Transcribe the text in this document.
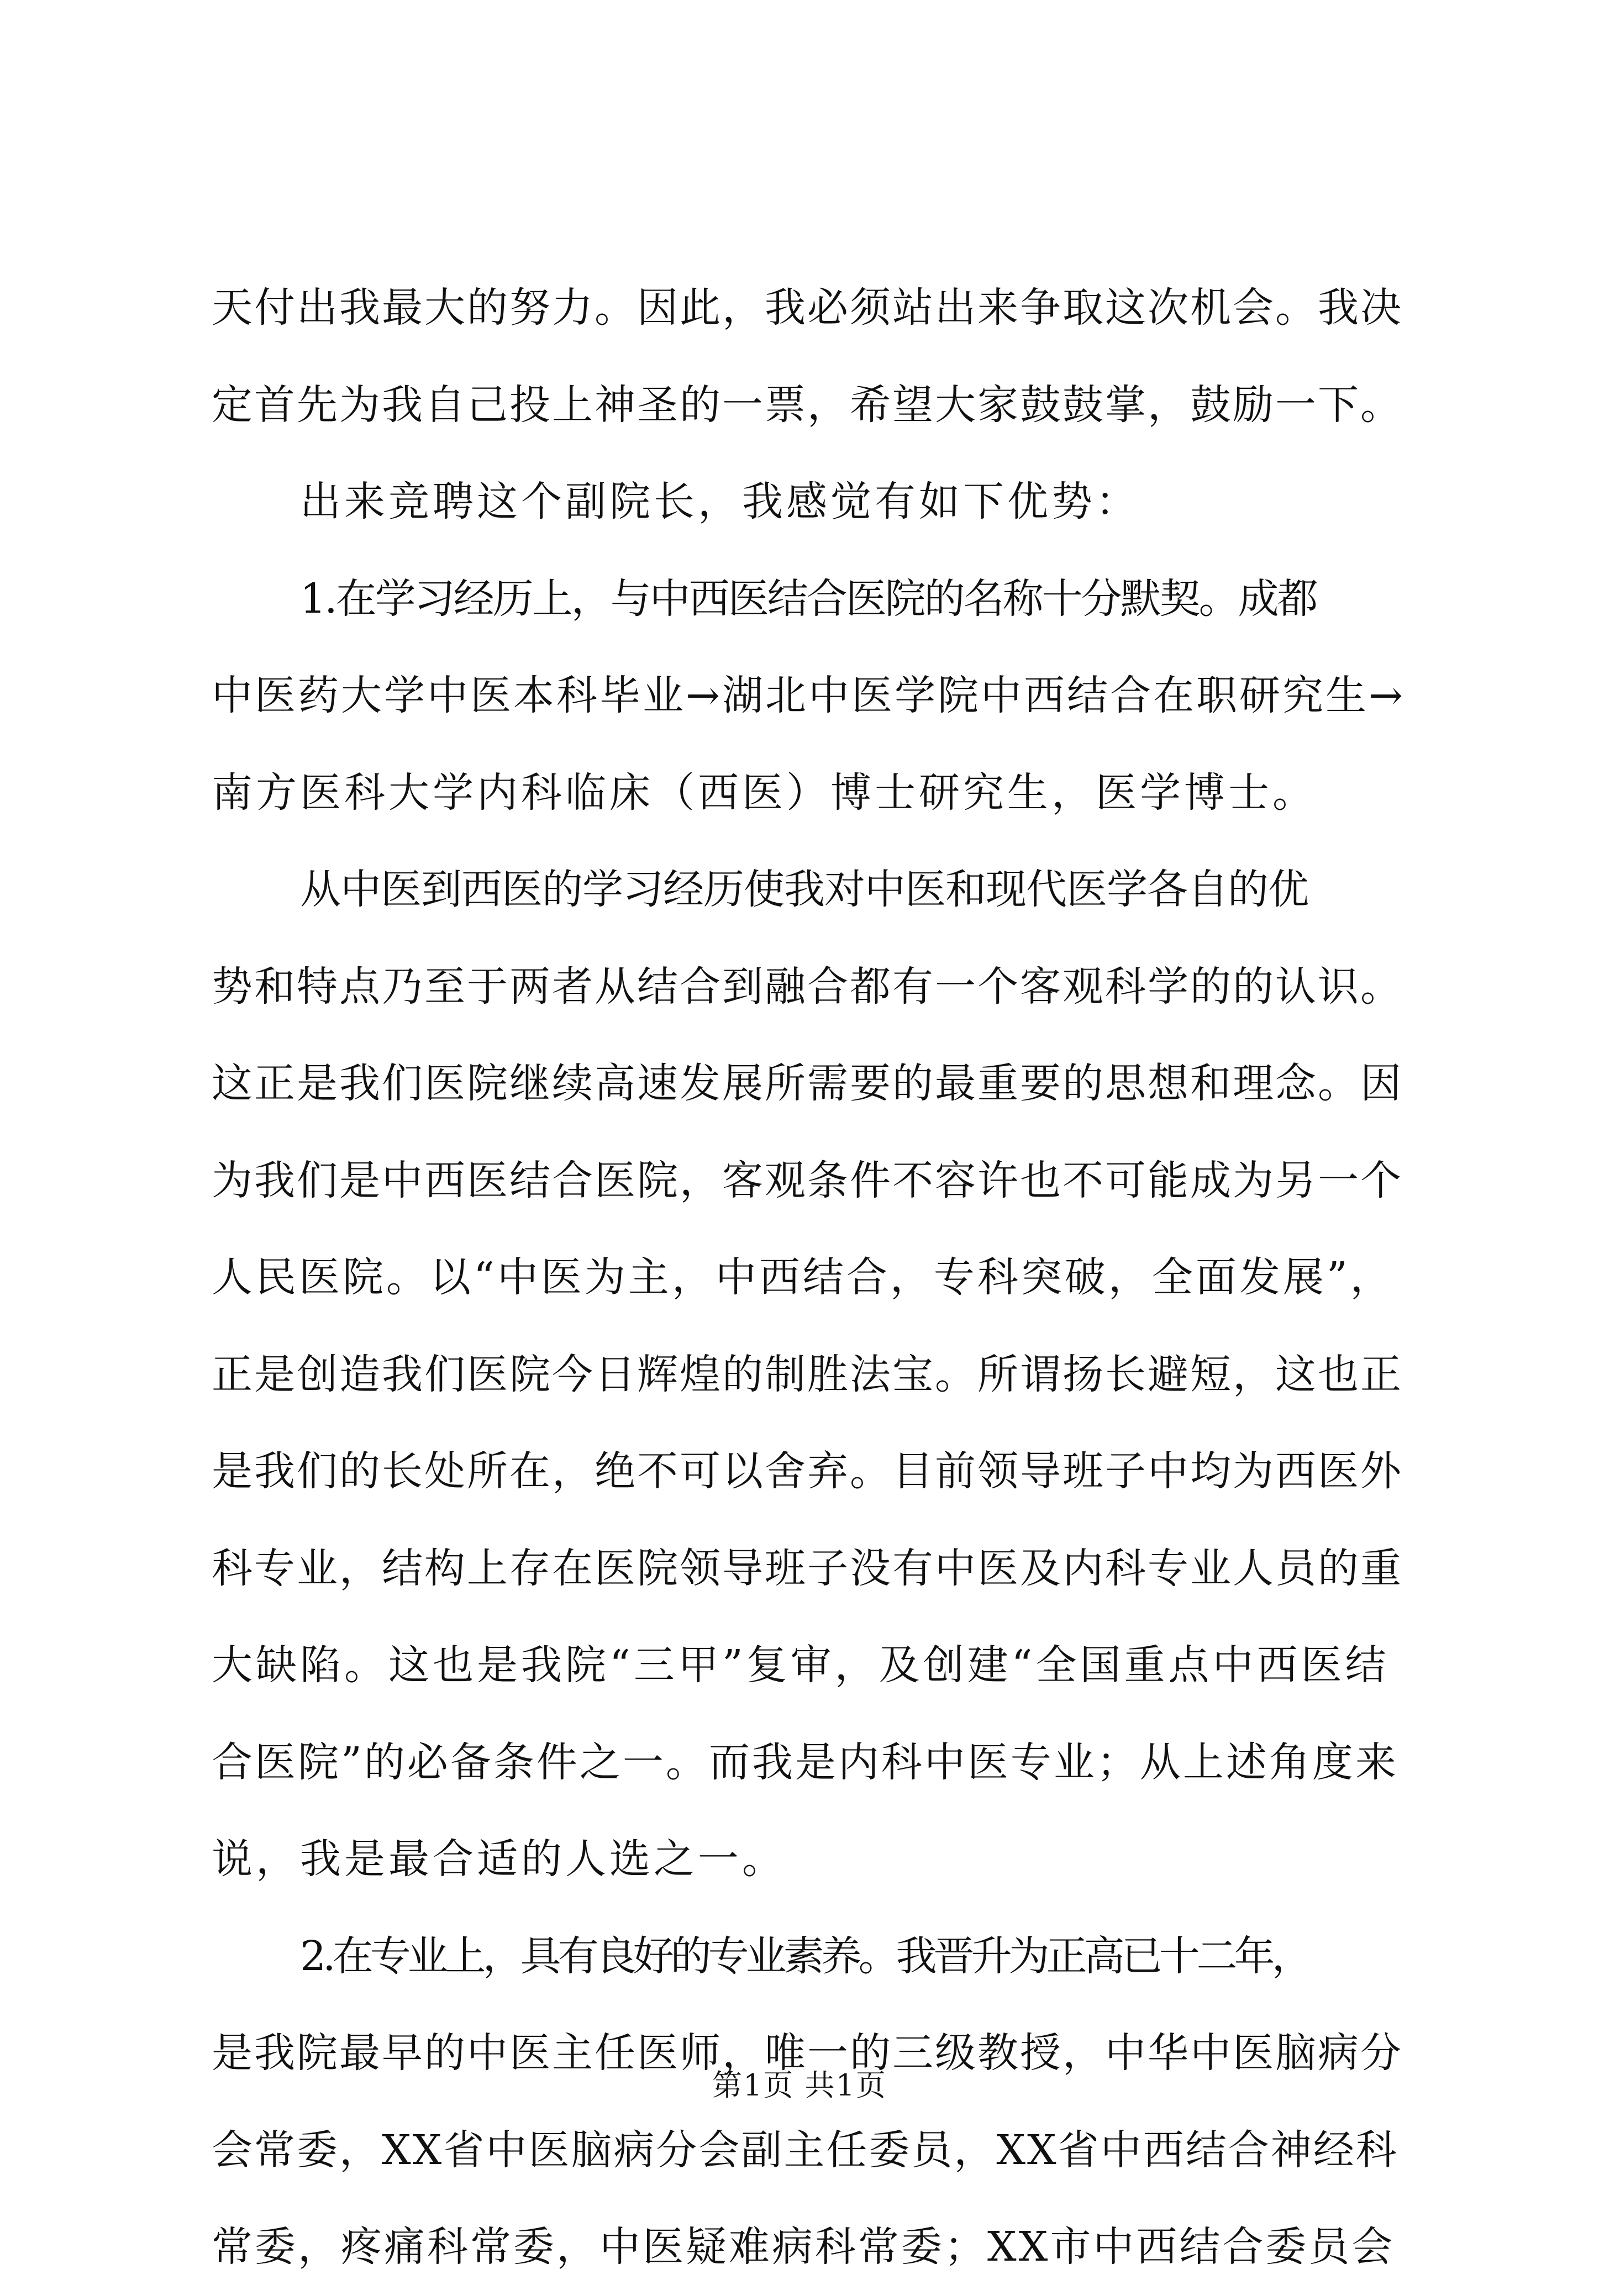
天付出我最大的努力。因此，我必须站出来争取这次机会。我决
定首先为我自己投上神圣的一票，希望大家鼓鼓掌，鼓励一下。
出来竞聘这个副院长，我感觉有如下优势：
1.在学习经历上，与中西医结合医院的名称十分默契。成都
中医药大学中医本科毕业→湖北中医学院中西结合在职研究生→
南方医科大学内科临床（西医）博士研究生，医学博士。
从中医到西医的学习经历使我对中医和现代医学各自的优
势和特点乃至于两者从结合到融合都有一个客观科学的的认识。
这正是我们医院继续高速发展所需要的最重要的思想和理念。因
为我们是中西医结合医院，客观条件不容许也不可能成为另一个
人民医院。以“中医为主，中西结合，专科突破，全面发展”，
正是创造我们医院今日辉煌的制胜法宝。所谓扬长避短，这也正
是我们的长处所在，绝不可以舍弃。目前领导班子中均为西医外
科专业，结构上存在医院领导班子没有中医及内科专业人员的重
大缺陷。这也是我院“三甲”复审，及创建“全国重点中西医结
合医院”的必备条件之一。而我是内科中医专业；从上述角度来
说，我是最合适的人选之一。
2.在专业上，具有良好的专业素养。我晋升为正高已十二年，
是我院最早的中医主任医师，唯一的三级教授，中华中医脑病分
会常委，XX省中医脑病分会副主任委员，XX省中西结合神经科
常委，疼痛科常委，中医疑难病科常委；XX市中西结合委员会
第1页 共1页
